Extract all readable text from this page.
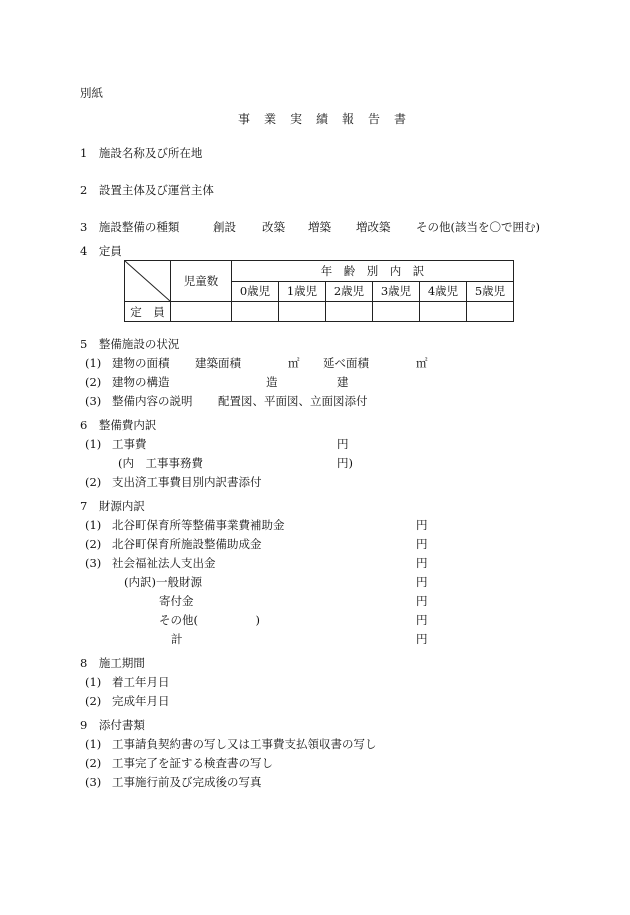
別紙
事業実績報告書
1　施設名称及び所在地
2　設置主体及び運営主体
3　施設整備の種類	創設 改築 増築 増改築 その他(該当を〇で囲む)
4　定員
	児童数	年　齢　別　内　訳					
		0歳児	1歳児	2歳児	3歳児	4歳児	5歳児
定　員							
5　整備施設の状況
(1) 建物の面積 建築面積	㎡ 延べ面積	㎡
(2) 建物の構造	造	建
(3) 整備内容の説明 配置図、平面図、立面図添付
6　整備費内訳
(1) 工事費	円
(内　工事事務費	円)
(2) 支出済工事費目別内訳書添付
7　財源内訳
(1) 北谷町保育所等整備事業費補助金	円
(2) 北谷町保育所施設整備助成金	円
(3) 社会福祉法人支出金	円
(内訳)一般財源	円
寄付金	円
その他(　　　　　)	円
計	円
8　施工期間
(1) 着工年月日
(2) 完成年月日
9　添付書類
(1) 工事請負契約書の写し又は工事費支払領収書の写し
(2) 工事完了を証する検査書の写し
(3) 工事施行前及び完成後の写真
